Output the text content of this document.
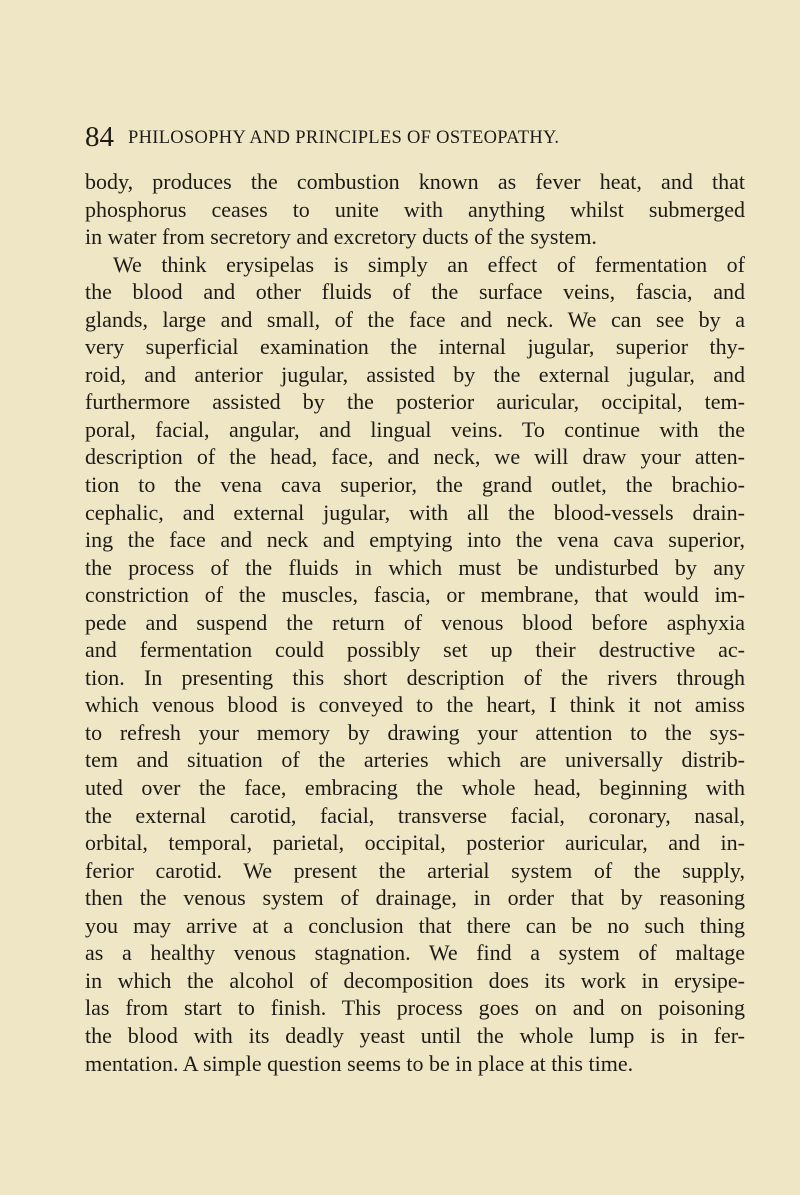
84 PHILOSOPHY AND PRINCIPLES OF OSTEOPATHY.
body, produces the combustion known as fever heat, and that
phosphorus ceases to unite with anything whilst submerged
in water from secretory and excretory ducts of the system.
We think erysipelas is simply an effect of fermentation of
the blood and other fluids of the surface veins, fascia, and
glands, large and small, of the face and neck. We can see by a
very superficial examination the internal jugular, superior thy-
roid, and anterior jugular, assisted by the external jugular, and
furthermore assisted by the posterior auricular, occipital, tem-
poral, facial, angular, and lingual veins. To continue with the
description of the head, face, and neck, we will draw your atten-
tion to the vena cava superior, the grand outlet, the brachio-
cephalic, and external jugular, with all the blood-vessels drain-
ing the face and neck and emptying into the vena cava superior,
the process of the fluids in which must be undisturbed by any
constriction of the muscles, fascia, or membrane, that would im-
pede and suspend the return of venous blood before asphyxia
and fermentation could possibly set up their destructive ac-
tion. In presenting this short description of the rivers through
which venous blood is conveyed to the heart, I think it not amiss
to refresh your memory by drawing your attention to the sys-
tem and situation of the arteries which are universally distrib-
uted over the face, embracing the whole head, beginning with
the external carotid, facial, transverse facial, coronary, nasal,
orbital, temporal, parietal, occipital, posterior auricular, and in-
ferior carotid. We present the arterial system of the supply,
then the venous system of drainage, in order that by reasoning
you may arrive at a conclusion that there can be no such thing
as a healthy venous stagnation. We find a system of maltage
in which the alcohol of decomposition does its work in erysipe-
las from start to finish. This process goes on and on poisoning
the blood with its deadly yeast until the whole lump is in fer-
mentation. A simple question seems to be in place at this time.
